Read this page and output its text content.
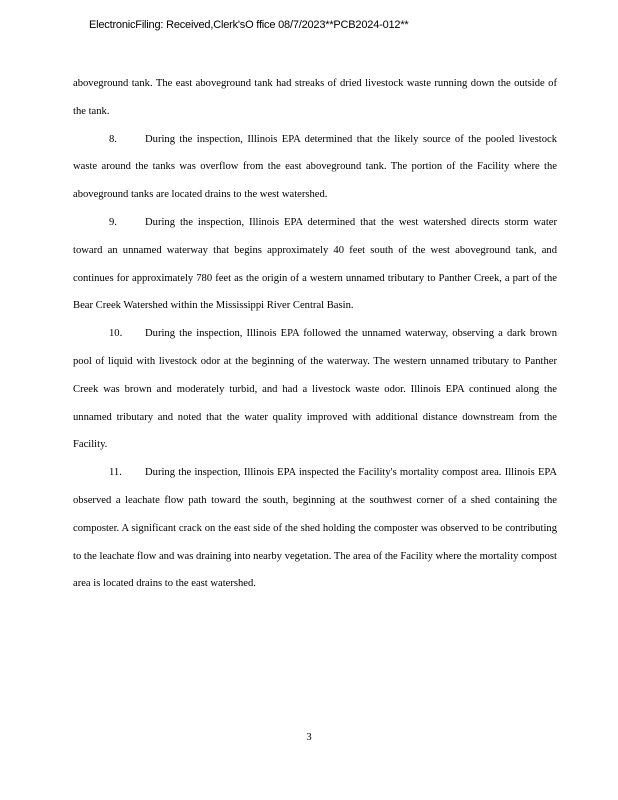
ElectronicFiling: Received,Clerk'sO ffice 08/7/2023**PCB2024-012**

aboveground tank. The east aboveground tank had streaks of dried livestock waste running down the outside of the tank.

8.	During the inspection, Illinois EPA determined that the likely source of the pooled livestock waste around the tanks was overflow from the east aboveground tank. The portion of the Facility where the aboveground tanks are located drains to the west watershed.

9.	During the inspection, Illinois EPA determined that the west watershed directs storm water toward an unnamed waterway that begins approximately 40 feet south of the west aboveground tank, and continues for approximately 780 feet as the origin of a western unnamed tributary to Panther Creek, a part of the Bear Creek Watershed within the Mississippi River Central Basin.

10. During the inspection, Illinois EPA followed the unnamed waterway, observing a dark brown pool of liquid with livestock odor at the beginning of the waterway. The western unnamed tributary to Panther Creek was brown and moderately turbid, and had a livestock waste odor. Illinois EPA continued along the unnamed tributary and noted that the water quality improved with additional distance downstream from the Facility.

11. During the inspection, Illinois EPA inspected the Facility's mortality compost area. Illinois EPA observed a leachate flow path toward the south, beginning at the southwest corner of a shed containing the composter. A significant crack on the east side of the shed holding the composter was observed to be contributing to the leachate flow and was draining into nearby vegetation. The area of the Facility where the mortality compost area is located drains to the east watershed.

3
